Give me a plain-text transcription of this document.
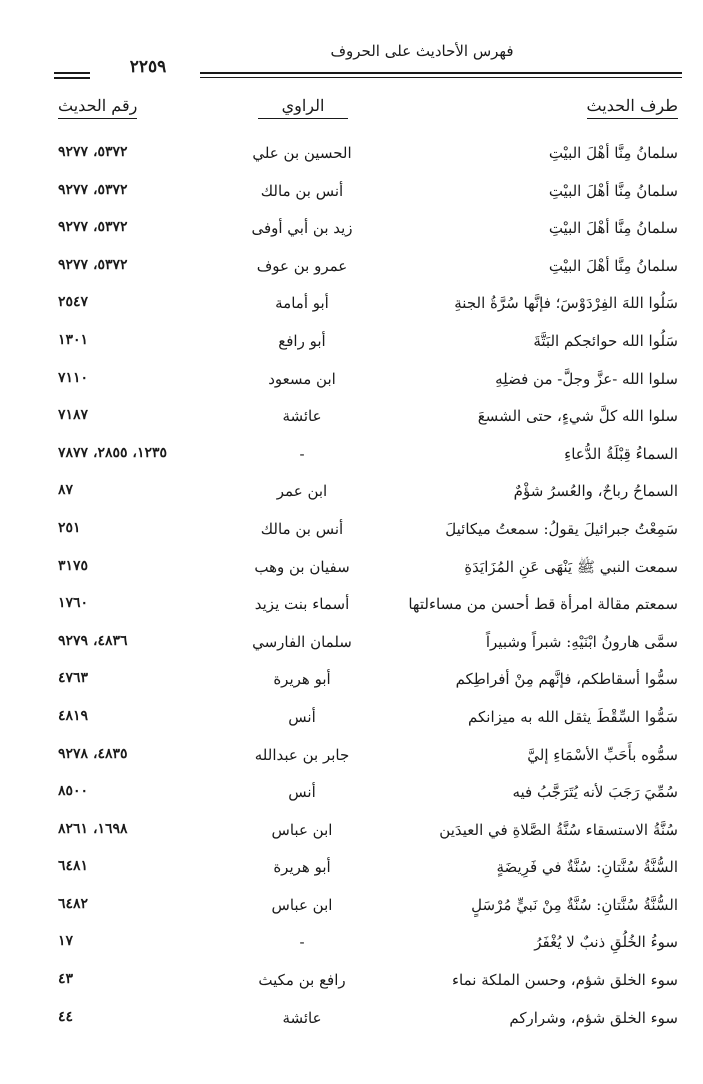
فهرس الأحاديث على الحروف
٢٢٥٩
طرف الحديث
الراوي
رقم الحديث
سلمانُ مِنَّا أهْلَ البيْتِ
الحسين بن علي
٥٣٧٢، ٩٢٧٧
سلمانُ مِنَّا أهْلَ البيْتِ
أنس بن مالك
٥٣٧٢، ٩٢٧٧
سلمانُ مِنَّا أهْلَ البيْتِ
زيد بن أبي أوفى
٥٣٧٢، ٩٢٧٧
سلمانُ مِنَّا أهْلَ البيْتِ
عمرو بن عوف
٥٣٧٢، ٩٢٧٧
سَلُوا اللهَ الفِرْدَوْسَ؛ فإنَّها سُرَّةُ الجنةِ
أبو أمامة
٢٥٤٧
سَلُوا الله حوائجكم البَتَّةَ
أبو رافع
١٣٠١
سلوا الله -عزَّ وجلَّ- من فضلِهِ
ابن مسعود
٧١١٠
سلوا الله كلَّ شيءٍ، حتى الشسعَ
عائشة
٧١٨٧
السماءُ قِبْلَةُ الدُّعاءِ
-
١٢٣٥، ٢٨٥٥، ٧٨٧٧
السماحُ رباحٌ، والعُسرُ شؤْمٌ
ابن عمر
٨٧
سَمِعْتُ جبرائيلَ يقولُ: سمعتُ ميكائيلَ
أنس بن مالك
٢٥١
سمعت النبي ﷺ يَنْهَى عَنِ المُزَايَدَةِ
سفيان بن وهب
٣١٧٥
سمعتم مقالة امرأة قط أحسن من مساءلتها
أسماء بنت يزيد
١٧٦٠
سمَّى هارونُ ابْنَيْهِ: شبراً وشبيراً
سلمان الفارسي
٤٨٣٦، ٩٢٧٩
سمُّوا أسقاطكم، فإنَّهم مِنْ أفراطِكم
أبو هريرة
٤٧٦٣
سَمُّوا السِّقْطَ يثقل الله به ميزانكم
أنس
٤٨١٩
سمُّوه بأَحَبِّ الأسْمَاءِ إليَّ
جابر بن عبدالله
٤٨٣٥، ٩٢٧٨
سُمِّيَ رَجَبَ لأنه يُتَرَجَّبُ فيه
أنس
٨٥٠٠
سُنَّةُ الاستسقاء سُنَّةُ الصَّلاةِ في العيدَين
ابن عباس
١٦٩٨، ٨٢٦١
السُّنَّةُ سُنَّتانِ: سُنَّةٌ في فَرِيضَةٍ
أبو هريرة
٦٤٨١
السُّنَّةُ سُنَّتانِ: سُنَّةٌ مِنْ نَبيٍّ مُرْسَلٍ
ابن عباس
٦٤٨٢
سوءُ الخُلُقِ ذنبٌ لا يُغْفَرُ
-
١٧
سوء الخلق شؤم، وحسن الملكة نماء
رافع بن مكيث
٤٣
سوء الخلق شؤم، وشراركم
عائشة
٤٤
